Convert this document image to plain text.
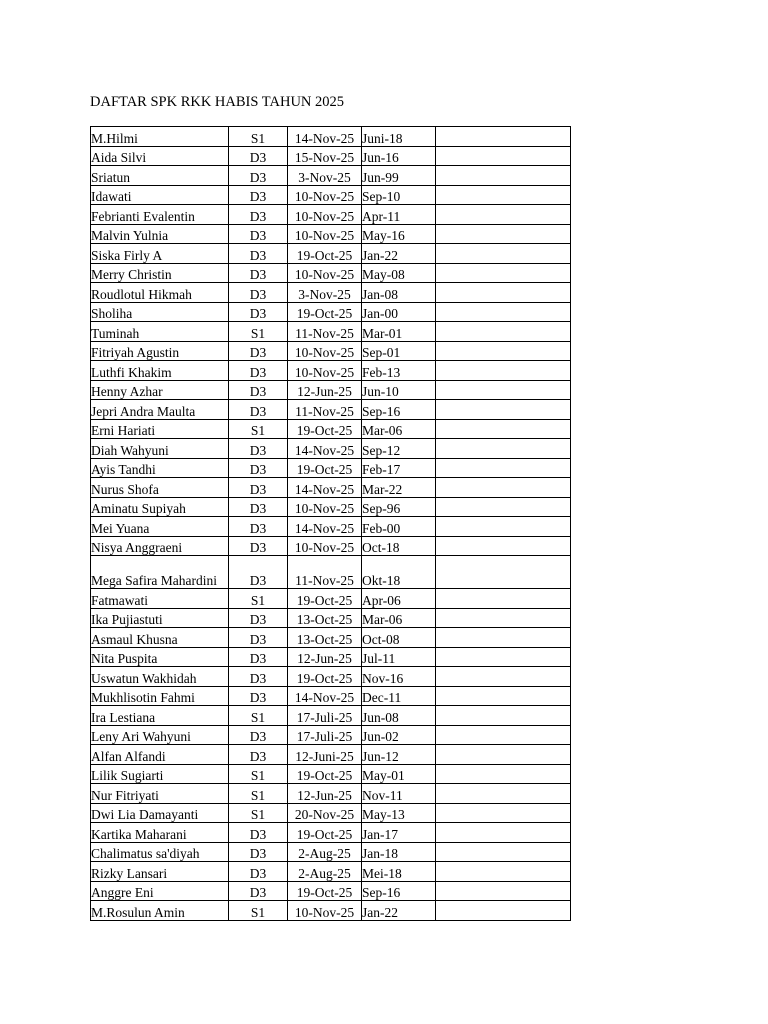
DAFTAR SPK RKK HABIS TAHUN 2025
M.Hilmi	S1	14-Nov-25	Juni-18	
Aida Silvi	D3	15-Nov-25	Jun-16	
Sriatun	D3	3-Nov-25	Jun-99	
Idawati	D3	10-Nov-25	Sep-10	
Febrianti Evalentin	D3	10-Nov-25	Apr-11	
Malvin Yulnia	D3	10-Nov-25	May-16	
Siska Firly A	D3	19-Oct-25	Jan-22	
Merry Christin	D3	10-Nov-25	May-08	
Roudlotul Hikmah	D3	3-Nov-25	Jan-08	
Sholiha	D3	19-Oct-25	Jan-00	
Tuminah	S1	11-Nov-25	Mar-01	
Fitriyah Agustin	D3	10-Nov-25	Sep-01	
Luthfi Khakim	D3	10-Nov-25	Feb-13	
Henny Azhar	D3	12-Jun-25	Jun-10	
Jepri Andra Maulta	D3	11-Nov-25	Sep-16	
Erni Hariati	S1	19-Oct-25	Mar-06	
Diah Wahyuni	D3	14-Nov-25	Sep-12	
Ayis Tandhi	D3	19-Oct-25	Feb-17	
Nurus Shofa	D3	14-Nov-25	Mar-22	
Aminatu Supiyah	D3	10-Nov-25	Sep-96	
Mei Yuana	D3	14-Nov-25	Feb-00	
Nisya Anggraeni	D3	10-Nov-25	Oct-18	
Mega Safira Mahardini	D3	11-Nov-25	Okt-18	
Fatmawati	S1	19-Oct-25	Apr-06	
Ika Pujiastuti	D3	13-Oct-25	Mar-06	
Asmaul Khusna	D3	13-Oct-25	Oct-08	
Nita Puspita	D3	12-Jun-25	Jul-11	
Uswatun Wakhidah	D3	19-Oct-25	Nov-16	
Mukhlisotin Fahmi	D3	14-Nov-25	Dec-11	
Ira Lestiana	S1	17-Juli-25	Jun-08	
Leny Ari Wahyuni	D3	17-Juli-25	Jun-02	
Alfan Alfandi	D3	12-Juni-25	Jun-12	
Lilik Sugiarti	S1	19-Oct-25	May-01	
Nur Fitriyati	S1	12-Jun-25	Nov-11	
Dwi Lia Damayanti	S1	20-Nov-25	May-13	
Kartika Maharani	D3	19-Oct-25	Jan-17	
Chalimatus sa'diyah	D3	2-Aug-25	Jan-18	
Rizky Lansari	D3	2-Aug-25	Mei-18	
Anggre Eni	D3	19-Oct-25	Sep-16	
M.Rosulun Amin	S1	10-Nov-25	Jan-22	
